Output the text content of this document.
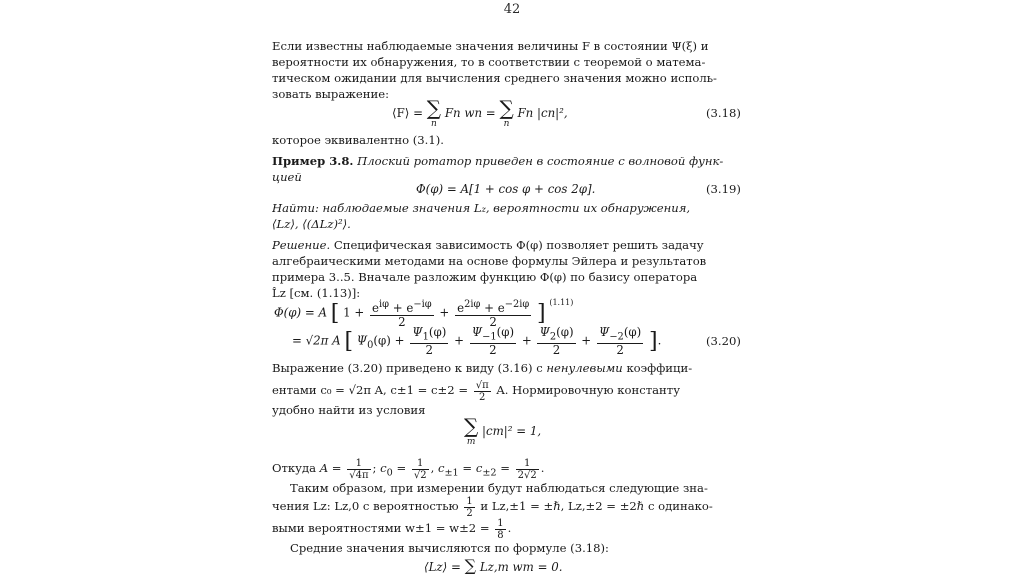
42
Если известны наблюдаемые значения величины F в состоянии Ψ(ξ) и
вероятности их обнаружения, то в соответствии с теоремой о матема-
тическом ожидании для вычисления среднего значения можно исполь-
зовать выражение:
⟨F⟩ = ∑
n
Fn wn = ∑
n
Fn |cn|²,	(3.18)
которое эквивалентно (3.1).
Пример 3.8. Плоский ротатор приведен в состояние с волновой функ-
цией
Φ(φ) = A[1 + cos φ + cos 2φ].	(3.19)
Найти: наблюдаемые значения Lz, вероятности их обнаружения,
⟨Lz⟩, ⟨(ΔLz)²⟩.
Решение. Специфическая зависимость Φ(φ) позволяет решить задачу
алгебраическими методами на основе формулы Эйлера и результатов
примера 3..5. Вначале разложим функцию Φ(φ) по базису оператора
L̂z [см. (1.13)]:
Φ(φ) = A [ $1 + \frac{e^{i\varphi} + e^{-i\varphi}}{2} + \frac{e^{2i\varphi} + e^{-2i\varphi}}{2}$ ] $^{(1.11)}$
= √2π A [ $\Psi_0(\varphi) + \frac{\Psi_1(\varphi)}{2} + \frac{\Psi_{-1}(\varphi)}{2} + \frac{\Psi_2(\varphi)}{2} + \frac{\Psi_{-2}(\varphi)}{2}$ ].	(3.20)
Выражение (3.20) приведено к виду (3.16) с ненулевыми коэффици-
ентами c₀ = √2π A, $c\pm 1 = c\pm 2 = \frac{√\pi}{2} A$. Нормировочную константу
удобно найти из условия
∑
m
|cm|² = 1,
Откуда $A = \frac{1}{√4\pi}$ ; $c_0 = \frac{1}{√2}$ , $c_{\pm 1} = c_{\pm 2} = \frac{1}{2√2}$ .
Таким образом, при измерении будут наблюдаться следующие зна-
чения Lz: Lz,0 с вероятностью $\frac{1}{2}$ и Lz,±1 = ±ℏ, Lz,±2 = ±2ℏ с одинако-
выми вероятностями $w\pm 1 = w\pm 2 = \frac{1}{8}$ .
Средние значения вычисляются по формуле (3.18):
⟨Lz⟩ = ∑ Lz,m wm = 0.
